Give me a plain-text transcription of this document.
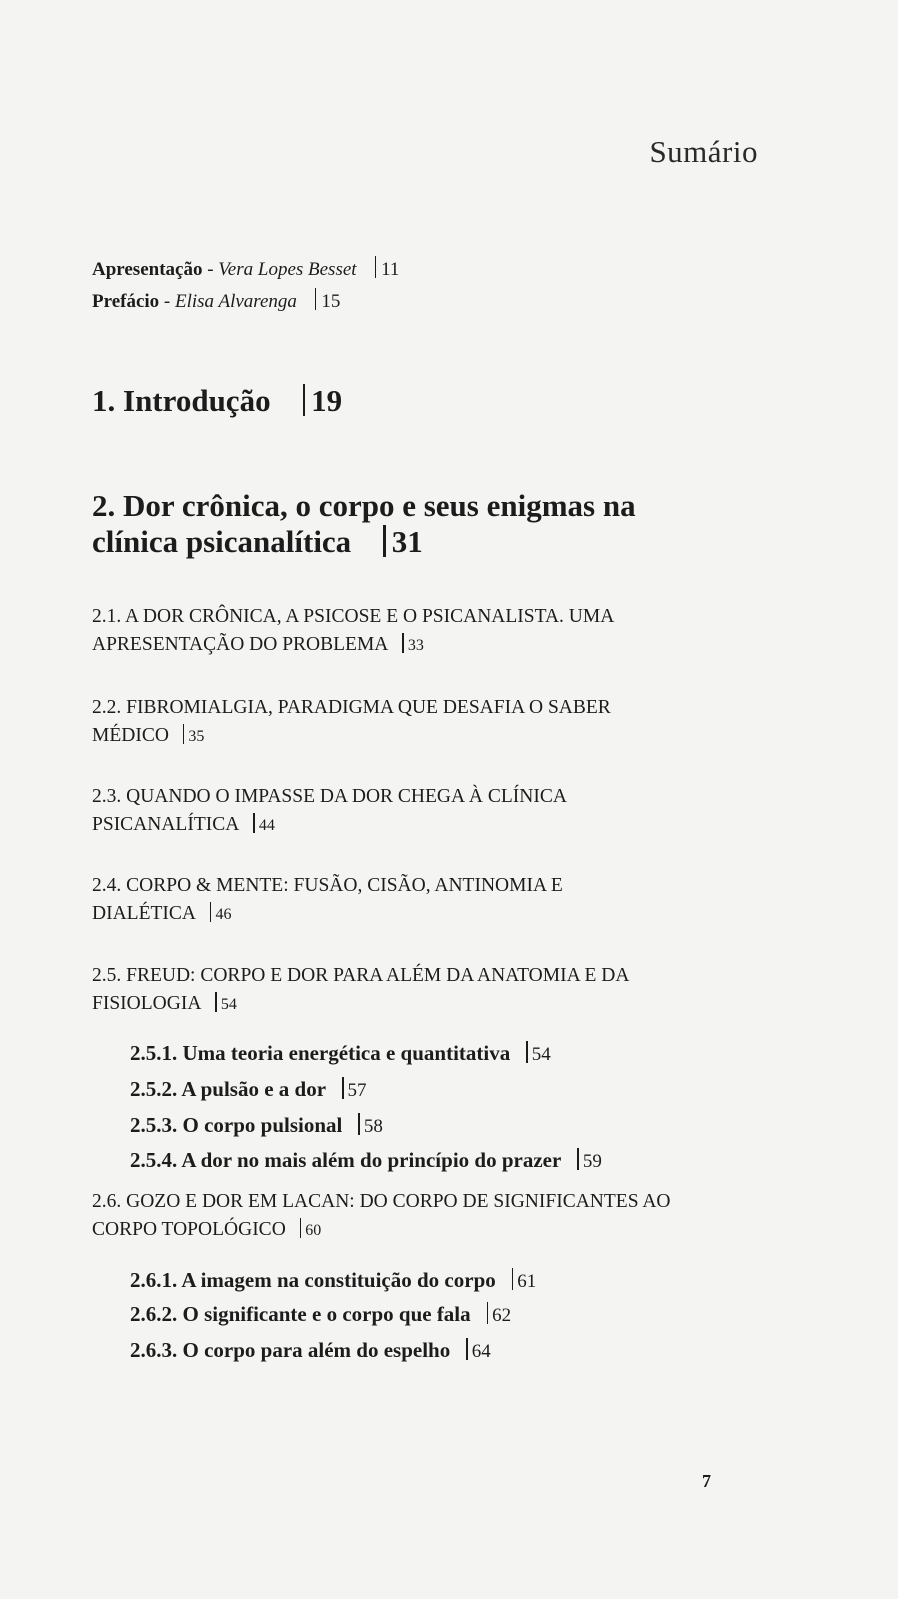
Sumário
Apresentação - Vera Lopes Besset 11
Prefácio - Elisa Alvarenga 15
1. Introdução 19
2. Dor crônica, o corpo e seus enigmas na
clínica psicanalítica 31
2.1. A DOR CRÔNICA, A PSICOSE E O PSICANALISTA. UMA
APRESENTAÇÃO DO PROBLEMA 33
2.2. FIBROMIALGIA, PARADIGMA QUE DESAFIA O SABER
MÉDICO 35
2.3. QUANDO O IMPASSE DA DOR CHEGA À CLÍNICA
PSICANALÍTICA 44
2.4. CORPO & MENTE: FUSÃO, CISÃO, ANTINOMIA E
DIALÉTICA 46
2.5. FREUD: CORPO E DOR PARA ALÉM DA ANATOMIA E DA
FISIOLOGIA 54
2.5.1. Uma teoria energética e quantitativa 54
2.5.2. A pulsão e a dor 57
2.5.3. O corpo pulsional 58
2.5.4. A dor no mais além do princípio do prazer 59
2.6. GOZO E DOR EM LACAN: DO CORPO DE SIGNIFICANTES AO
CORPO TOPOLÓGICO 60
2.6.1. A imagem na constituição do corpo 61
2.6.2. O significante e o corpo que fala 62
2.6.3. O corpo para além do espelho 64
7
